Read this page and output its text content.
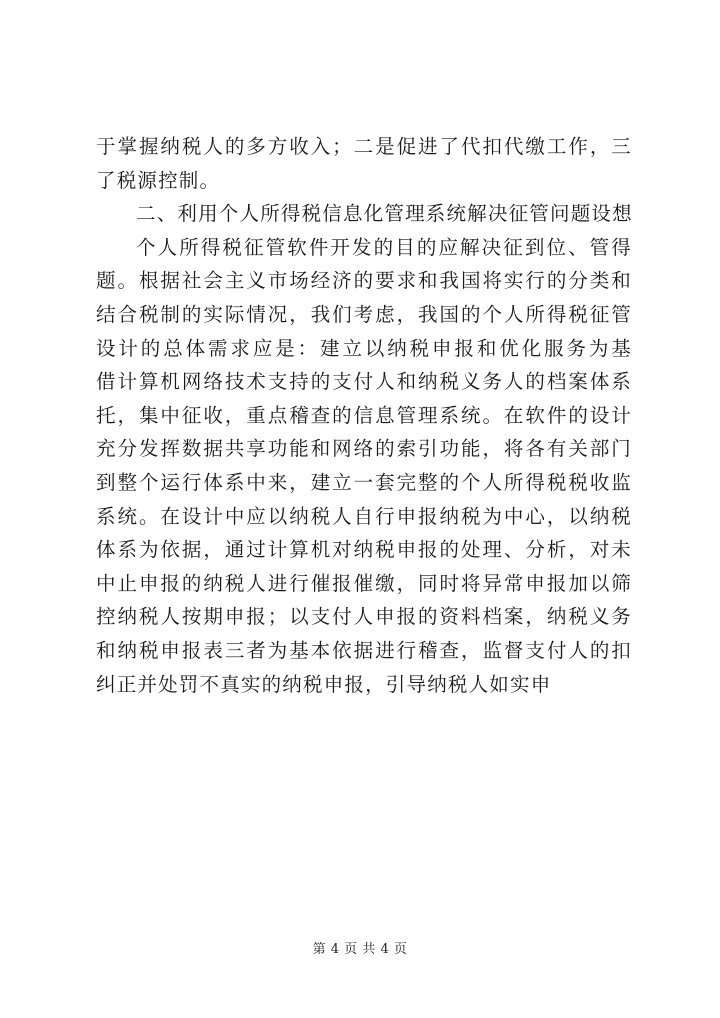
于掌握纳税人的多方收入；二是促进了代扣代缴工作，三
了税源控制。
二、利用个人所得税信息化管理系统解决征管问题设想
个人所得税征管软件开发的目的应解决征到位、管得
题。根据社会主义市场经济的要求和我国将实行的分类和
结合税制的实际情况，我们考虑，我国的个人所得税征管
设计的总体需求应是：建立以纳税申报和优化服务为基
借计算机网络技术支持的支付人和纳税义务人的档案体系
托，集中征收，重点稽查的信息管理系统。在软件的设计
充分发挥数据共享功能和网络的索引功能，将各有关部门
到整个运行体系中来，建立一套完整的个人所得税税收监
系统。在设计中应以纳税人自行申报纳税为中心，以纳税
体系为依据，通过计算机对纳税申报的处理、分析，对未
中止申报的纳税人进行催报催缴，同时将异常申报加以筛
控纳税人按期申报；以支付人申报的资料档案，纳税义务
和纳税申报表三者为基本依据进行稽查，监督支付人的扣
纠正并处罚不真实的纳税申报，引导纳税人如实申
第 4 页 共 4 页
